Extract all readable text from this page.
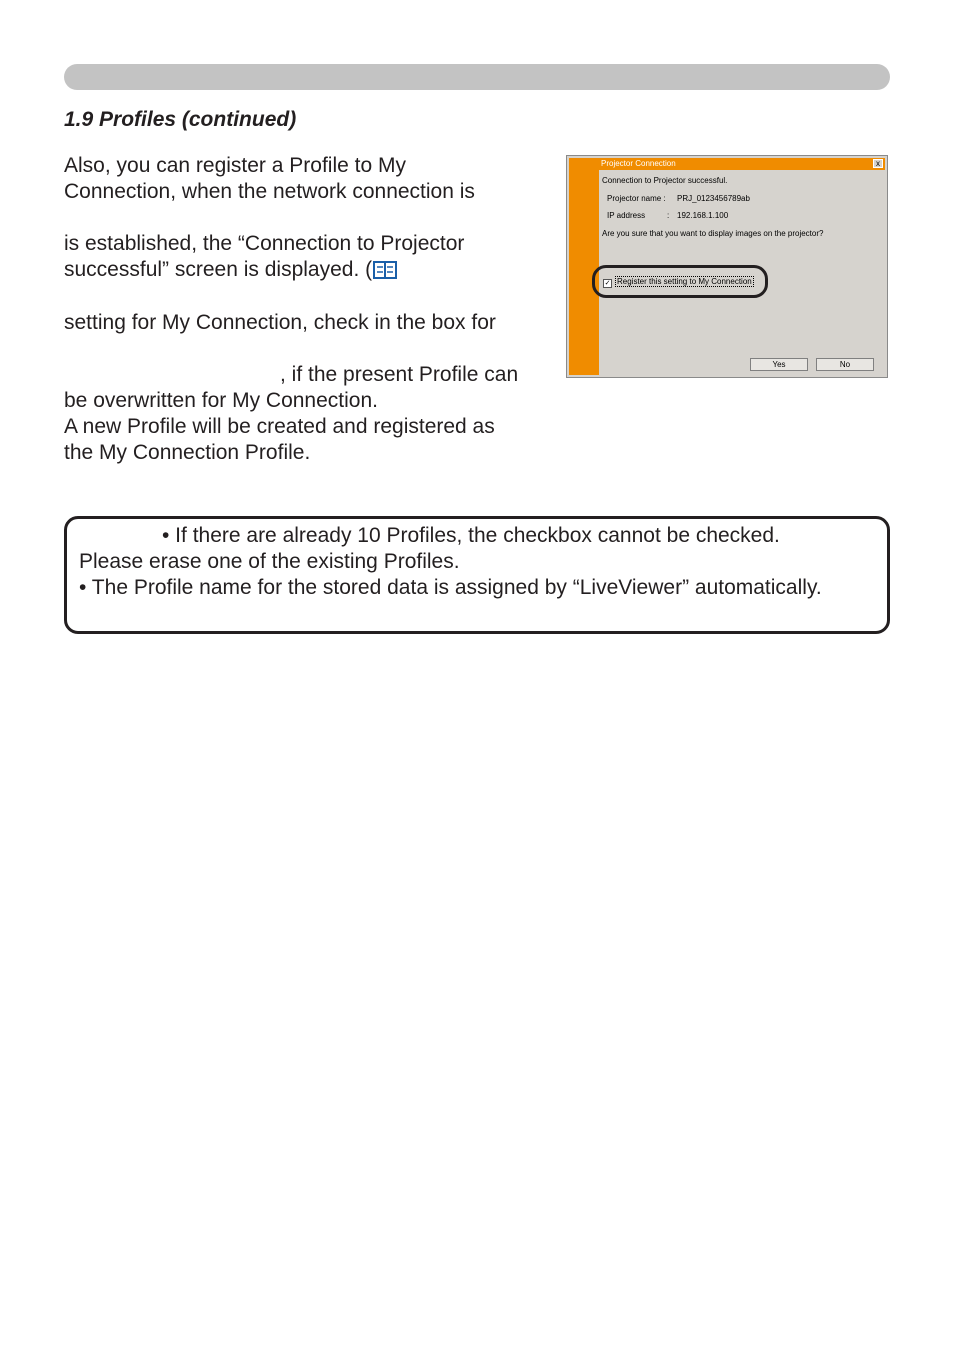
1.9 Profiles (continued)
Also, you can register a Profile to My
Connection, when the network connection is
is established, the “Connection to Projector
successful” screen is displayed. (
setting for My Connection, check in the box for
, if the present Profile can
be overwritten for My Connection.
A new Profile will be created and registered as
the My Connection Profile.
Projector Connection	x
Connection to Projector successful.
Projector name : PRJ_0123456789ab
IP address	: 192.168.1.100
Are you sure that you want to display images on the projector?
✓ Register this setting to My Connection
Yes	No
• If there are already 10 Profiles, the checkbox cannot be checked.
Please erase one of the existing Profiles.
• The Profile name for the stored data is assigned by “LiveViewer” automatically.
